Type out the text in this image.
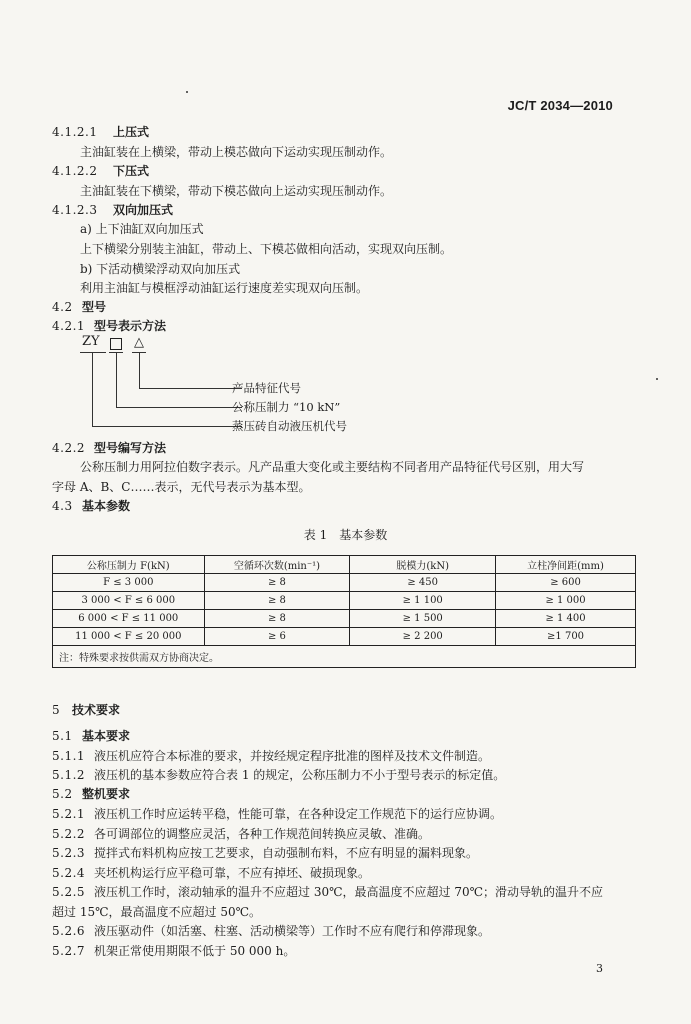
JC/T 2034—2010
4.1.2.1 上压式
主油缸装在上横梁，带动上模芯做向下运动实现压制动作。
4.1.2.2 下压式
主油缸装在下横梁，带动下模芯做向上运动实现压制动作。
4.1.2.3 双向加压式
a) 上下油缸双向加压式
上下横梁分别装主油缸，带动上、下模芯做相向活动，实现双向压制。
b) 下活动横梁浮动双向加压式
利用主油缸与模框浮动油缸运行速度差实现双向压制。
4.2 型号
4.2.1 型号表示方法
ZY	△
产品特征代号
公称压制力 “10 kN”
蒸压砖自动液压机代号
4.2.2 型号编写方法
公称压制力用阿拉伯数字表示。凡产品重大变化或主要结构不同者用产品特征代号区别，用大写
字母 A、B、C……表示，无代号表示为基本型。
4.3 基本参数
表 1　基本参数
公称压制力 F(kN)	空循环次数(min⁻¹)	脱模力(kN)	立柱净间距(mm)
F ≤ 3 000	≥ 8	≥ 450	≥ 600
3 000 < F ≤ 6 000	≥ 8	≥ 1 100	≥ 1 000
6 000 < F ≤ 11 000	≥ 8	≥ 1 500	≥ 1 400
11 000 < F ≤ 20 000	≥ 6	≥ 2 200	≥1 700
注：特殊要求按供需双方协商决定。			
5 技术要求
5.1 基本要求
5.1.1 液压机应符合本标准的要求，并按经规定程序批准的图样及技术文件制造。
5.1.2 液压机的基本参数应符合表 1 的规定，公称压制力不小于型号表示的标定值。
5.2 整机要求
5.2.1 液压机工作时应运转平稳，性能可靠，在各种设定工作规范下的运行应协调。
5.2.2 各可调部位的调整应灵活，各种工作规范间转换应灵敏、准确。
5.2.3 搅拌式布料机构应按工艺要求，自动强制布料，不应有明显的漏料现象。
5.2.4 夹坯机构运行应平稳可靠，不应有掉坯、破损现象。
5.2.5 液压机工作时，滚动轴承的温升不应超过 30℃，最高温度不应超过 70℃；滑动导轨的温升不应
超过 15℃，最高温度不应超过 50℃。
5.2.6 液压驱动件（如活塞、柱塞、活动横梁等）工作时不应有爬行和停滞现象。
5.2.7 机架正常使用期限不低于 50 000 h。
3
